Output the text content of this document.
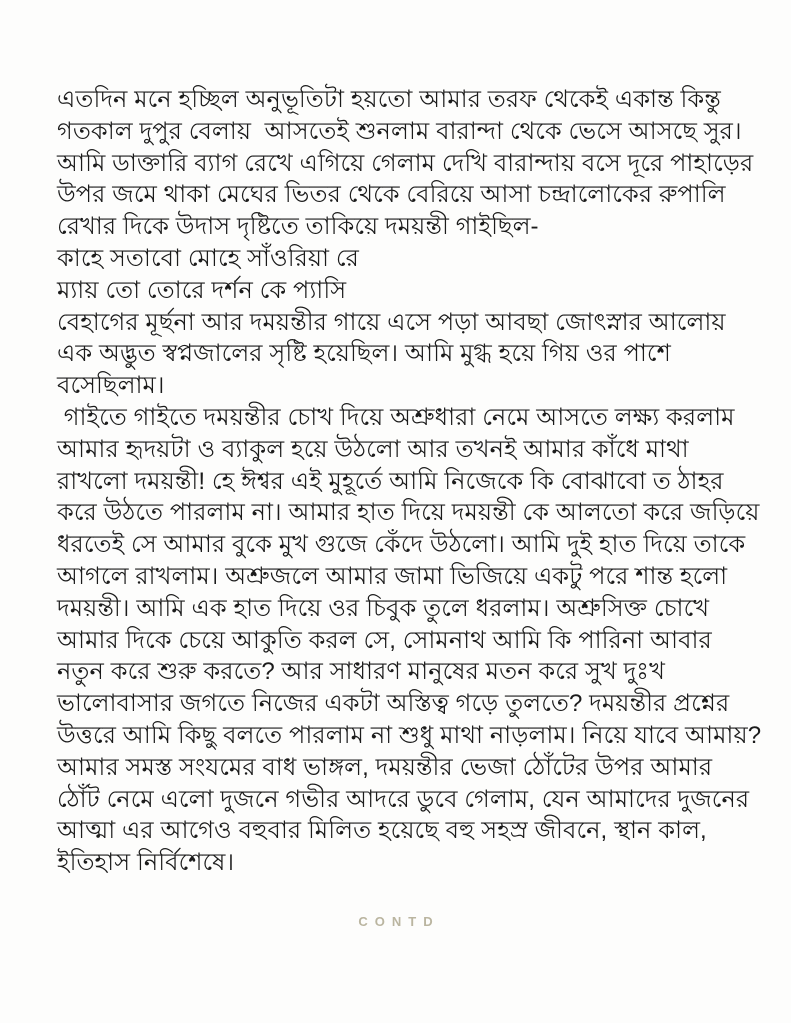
এতদিন মনে হচ্ছিল অনুভূতিটা হয়তো আমার তরফ থেকেই একান্ত কিন্তু
গতকাল দুপুর বেলায়  আসতেই শুনলাম বারান্দা থেকে ভেসে আসছে সুর।
আমি ডাক্তারি ব্যাগ রেখে এগিয়ে গেলাম দেখি বারান্দায় বসে দূরে পাহাড়ের
উপর জমে থাকা মেঘের ভিতর থেকে বেরিয়ে আসা চন্দ্রালোকের রুপালি
রেখার দিকে উদাস দৃষ্টিতে তাকিয়ে দময়ন্তী গাইছিল-
কাহে সতাবো মোহে সাঁওরিয়া রে
ম্যায় তো তোরে দর্শন কে প্যাসি
বেহাগের মূর্ছনা আর দময়ন্তীর গায়ে এসে পড়া আবছা জোৎস্নার আলোয়
এক অদ্ভুত স্বপ্নজালের সৃষ্টি হয়েছিল। আমি মুগ্ধ হয়ে গিয় ওর পাশে
বসেছিলাম।
গাইতে গাইতে দময়ন্তীর চোখ দিয়ে অশ্রুধারা নেমে আসতে লক্ষ্য করলাম
আমার হৃদয়টা ও ব্যাকুল হয়ে উঠলো আর তখনই আমার কাঁধে মাথা
রাখলো দময়ন্তী! হে ঈশ্বর এই মুহূর্তে আমি নিজেকে কি বোঝাবো ত ঠাহর
করে উঠতে পারলাম না। আমার হাত দিয়ে দময়ন্তী কে আলতো করে জড়িয়ে
ধরতেই সে আমার বুকে মুখ গুজে কেঁদে উঠলো। আমি দুই হাত দিয়ে তাকে
আগলে রাখলাম। অশ্রুজলে আমার জামা ভিজিয়ে একটু পরে শান্ত হলো
দময়ন্তী। আমি এক হাত দিয়ে ওর চিবুক তুলে ধরলাম। অশ্রুসিক্ত চোখে
আমার দিকে চেয়ে আকুতি করল সে, সোমনাথ আমি কি পারিনা আবার
নতুন করে শুরু করতে? আর সাধারণ মানুষের মতন করে সুখ দুঃখ
ভালোবাসার জগতে নিজের একটা অস্তিত্ব গড়ে তুলতে? দময়ন্তীর প্রশ্নের
উত্তরে আমি কিছু বলতে পারলাম না শুধু মাথা নাড়লাম। নিয়ে যাবে আমায়?
আমার সমস্ত সংযমের বাধ ভাঙ্গল, দময়ন্তীর ভেজা ঠোঁটের উপর আমার
ঠোঁট নেমে এলো দুজনে গভীর আদরে ডুবে গেলাম, যেন আমাদের দুজনের
আত্মা এর আগেও বহুবার মিলিত হয়েছে বহু সহস্র জীবনে, স্থান কাল,
ইতিহাস নির্বিশেষে।
CONTD
